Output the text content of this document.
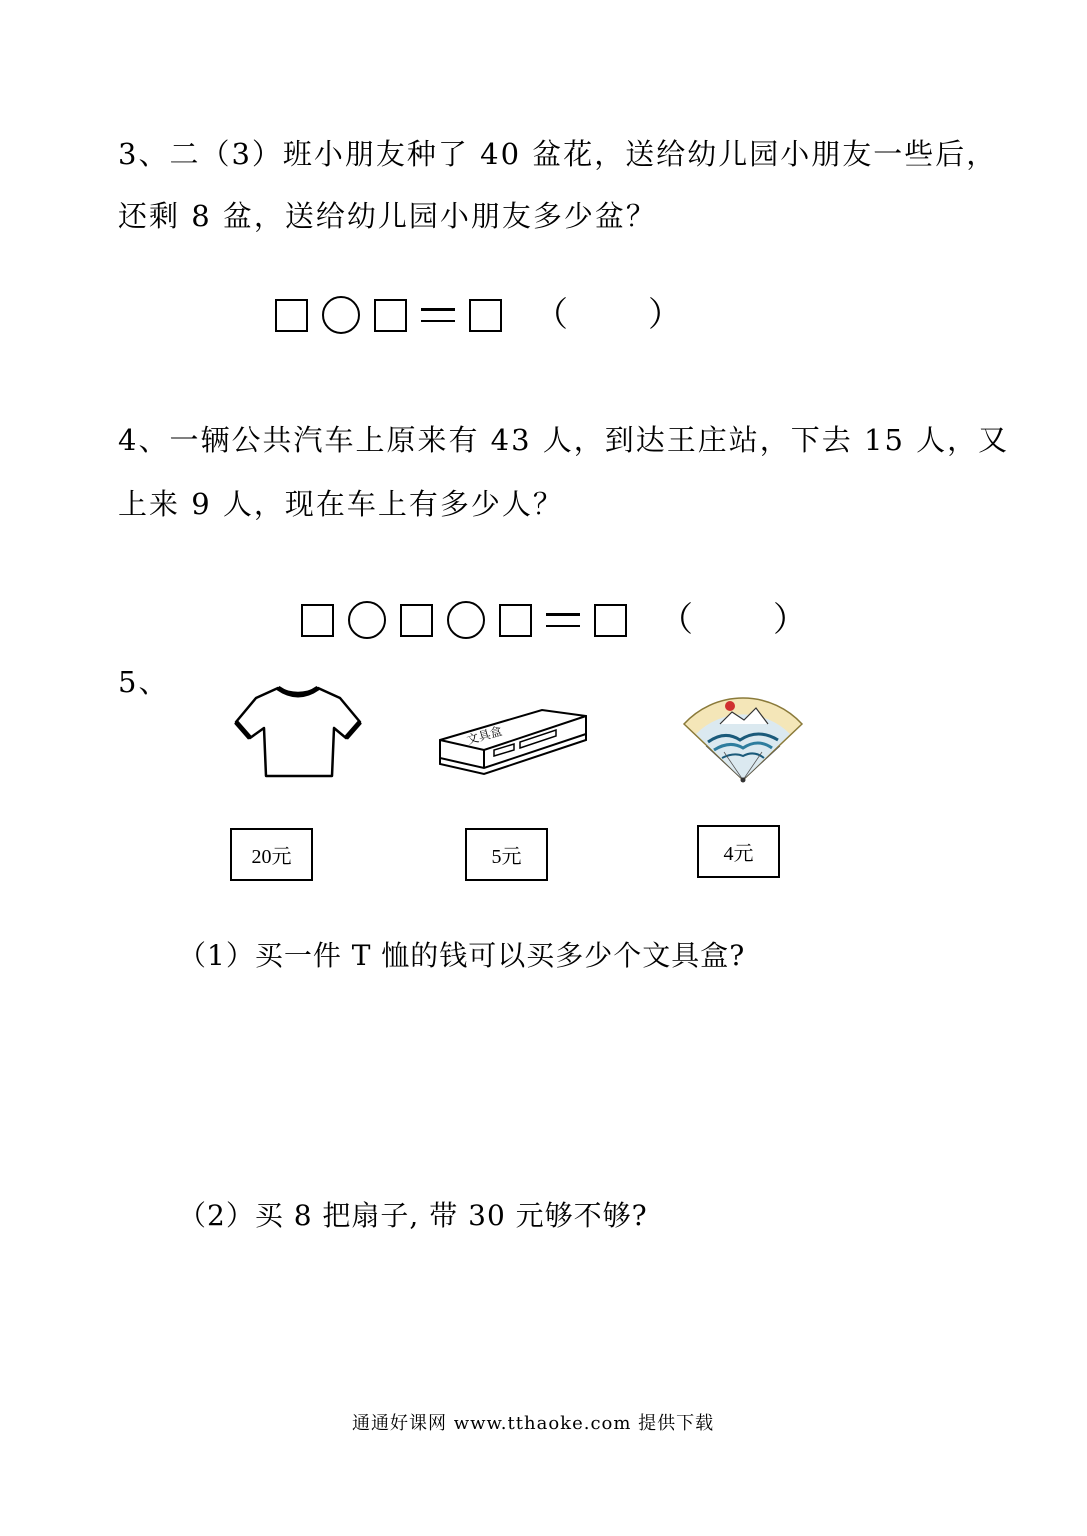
3、二（3）班小朋友种了 40 盆花，送给幼儿园小朋友一些后，
还剩 8 盆，送给幼儿园小朋友多少盆？
（ ）
4、一辆公共汽车上原来有 43 人，到达王庄站，下去 15 人，又
上来 9 人，现在车上有多少人？
（ ）
5、
文具盒
20元	5元	4元
（1）买一件 T 恤的钱可以买多少个文具盒?
（2）买 8 把扇子, 带 30 元够不够?
通通好课网 www.tthaoke.com 提供下载
